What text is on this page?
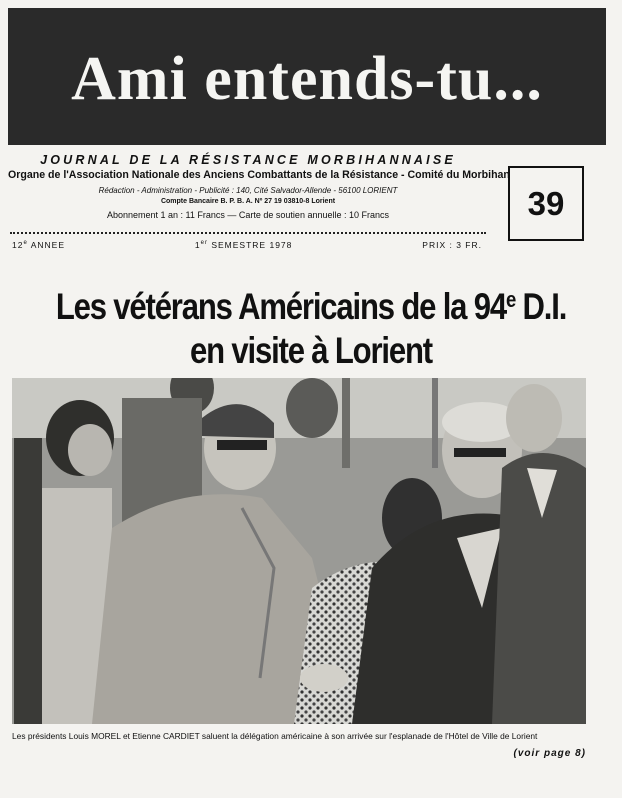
Ami entends-tu...
JOURNAL DE LA RÉSISTANCE MORBIHANNAISE
Organe de l'Association Nationale des Anciens Combattants de la Résistance - Comité du Morbihan
Rédaction - Administration - Publicité : 140, Cité Salvador-Allende - 56100 LORIENT
Compte Bancaire B. P. B. A. Nº 27 19 03810-8 Lorient
Abonnement 1 an : 11 Francs — Carte de soutien annuelle : 10 Francs	39
12e ANNEE	1er SEMESTRE 1978	PRIX : 3 FR.
Les vétérans Américains de la 94e D.I.
en visite à Lorient
Les présidents Louis MOREL et Etienne CARDIET saluent la délégation américaine à son arrivée sur l'esplanade de l'Hôtel de Ville de Lorient
(voir page 8)
